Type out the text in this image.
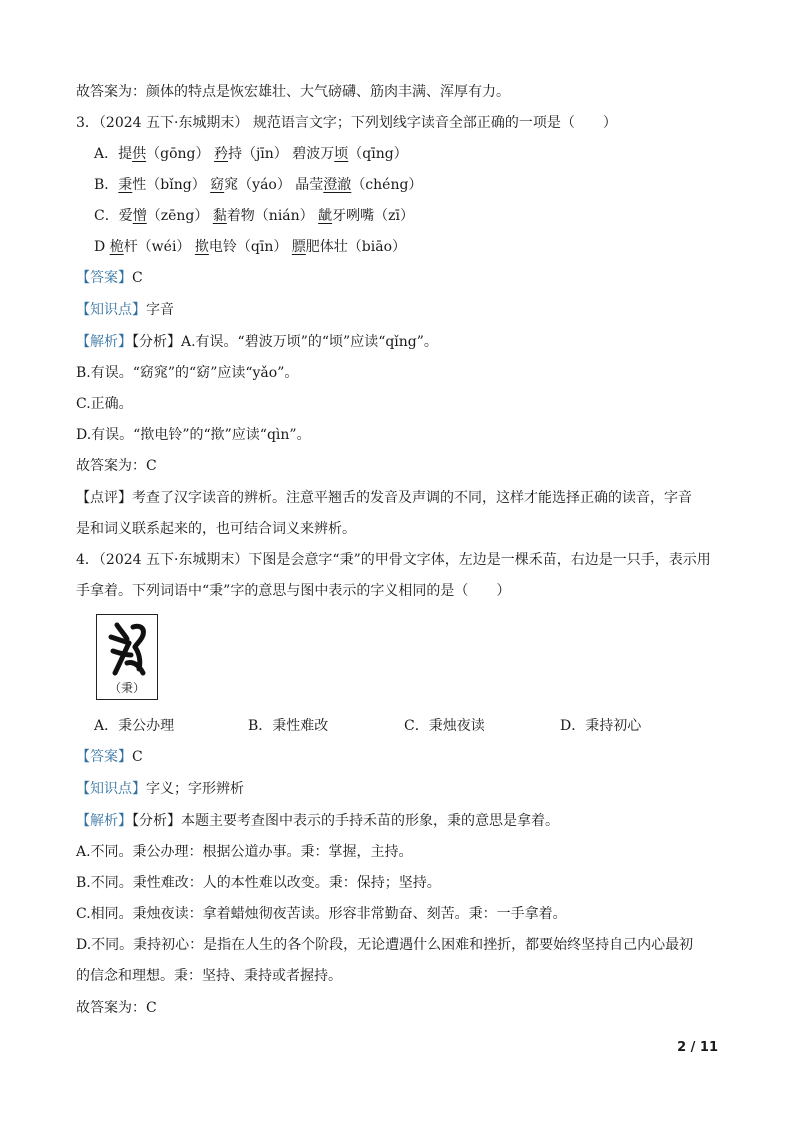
故答案为：颜体的特点是恢宏雄壮、大气磅礴、筋肉丰满、浑厚有力。
3．（2024 五下·东城期末） 规范语言文字；下列划线字读音全部正确的一项是（　　）
A．提供（gōng） 矜持（jīn） 碧波万顷（qīng）
B．秉性（bǐng） 窈窕（yáo） 晶莹澄澈（chéng）
C．爱憎（zēng） 黏着物（nián） 龇牙咧嘴（zī）
D 桅杆（wéi） 揿电铃（qīn） 膘肥体壮（biāo）
【答案】C
【知识点】字音
【解析】【分析】A.有误。“碧波万顷”的“顷”应读“qǐng”。
B.有误。“窈窕”的“窈”应读“yǎo”。
C.正确。
D.有误。“揿电铃”的“揿”应读“qìn”。
故答案为：C
【点评】考查了汉字读音的辨析。注意平翘舌的发音及声调的不同，这样才能选择正确的读音，字音
是和词义联系起来的，也可结合词义来辨析。
4．（2024 五下·东城期末）下图是会意字“秉”的甲骨文字体，左边是一棵禾苗，右边是一只手，表示用
手拿着。下列词语中“秉”字的意思与图中表示的字义相同的是（　　）
（秉）
A．秉公办理	B．秉性难改	C．秉烛夜读	D．秉持初心
【答案】C
【知识点】字义；字形辨析
【解析】【分析】本题主要考查图中表示的手持禾苗的形象，秉的意思是拿着。
A.不同。秉公办理：根据公道办事。秉：掌握，主持。
B.不同。秉性难改：人的本性难以改变。秉：保持；坚持。
C.相同。秉烛夜读：拿着蜡烛彻夜苦读。形容非常勤奋、刻苦。秉：一手拿着。
D.不同。秉持初心：是指在人生的各个阶段，无论遭遇什么困难和挫折，都要始终坚持自己内心最初
的信念和理想。秉：坚持、秉持或者握持。
故答案为：C
2 / 11
